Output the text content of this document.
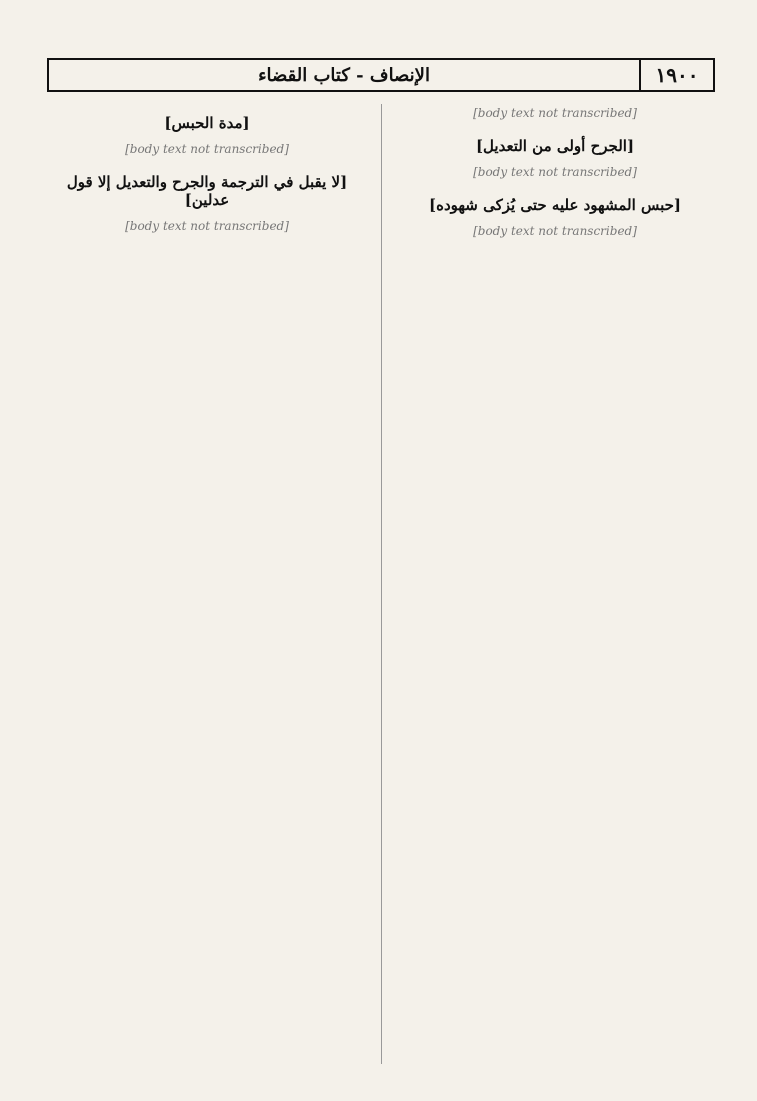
١٩٠٠
الإنصاف - كتاب القضاء
[body text not transcribed]
[الجرح أولى من التعديل]
[body text not transcribed]
[حبس المشهود عليه حتى يُزكى شهوده]
[body text not transcribed]
[مدة الحبس]
[body text not transcribed]
[لا يقبل في الترجمة والجرح والتعديل إلا قول عدلين]
[body text not transcribed]
